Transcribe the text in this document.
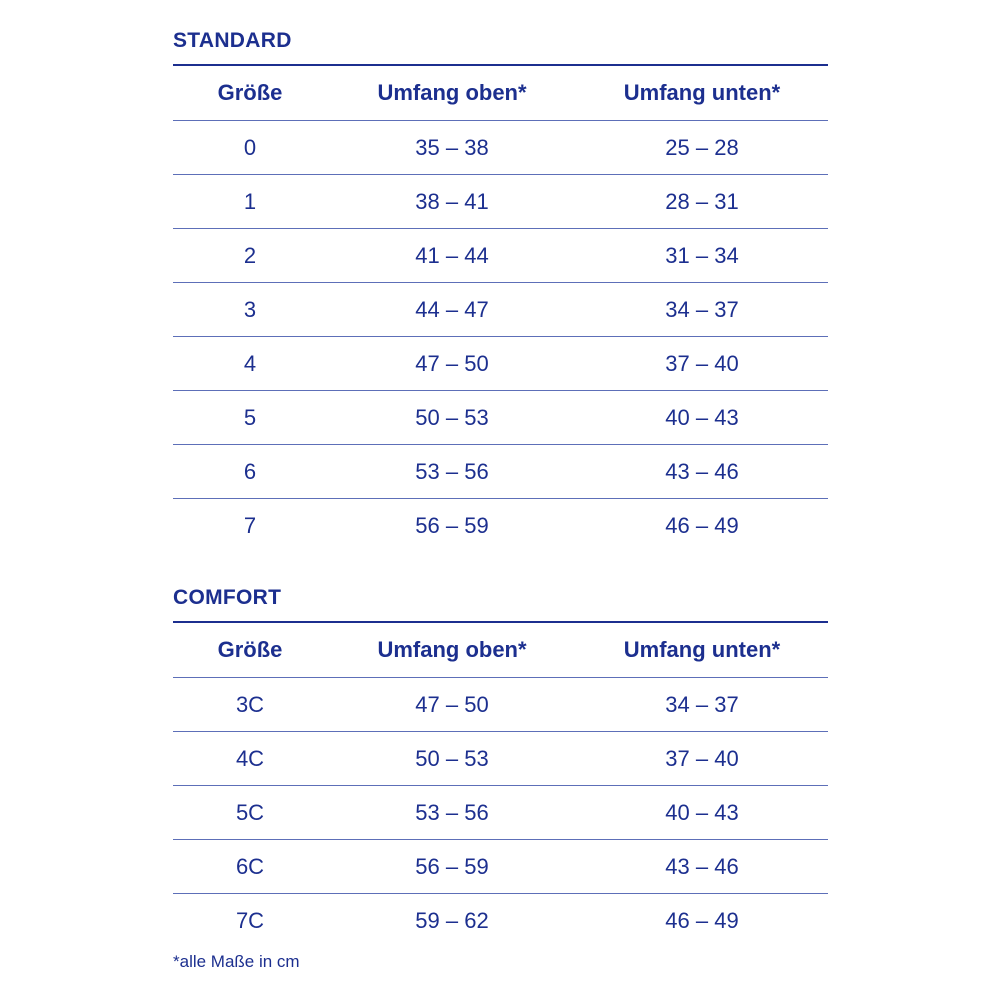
STANDARD
Größe	Umfang oben*	Umfang unten*
0	35 – 38	25 – 28
1	38 – 41	28 – 31
2	41 – 44	31 – 34
3	44 – 47	34 – 37
4	47 – 50	37 – 40
5	50 – 53	40 – 43
6	53 – 56	43 – 46
7	56 – 59	46 – 49
COMFORT
Größe	Umfang oben*	Umfang unten*
3C	47 – 50	34 – 37
4C	50 – 53	37 – 40
5C	53 – 56	40 – 43
6C	56 – 59	43 – 46
7C	59 – 62	46 – 49
*alle Maße in cm
